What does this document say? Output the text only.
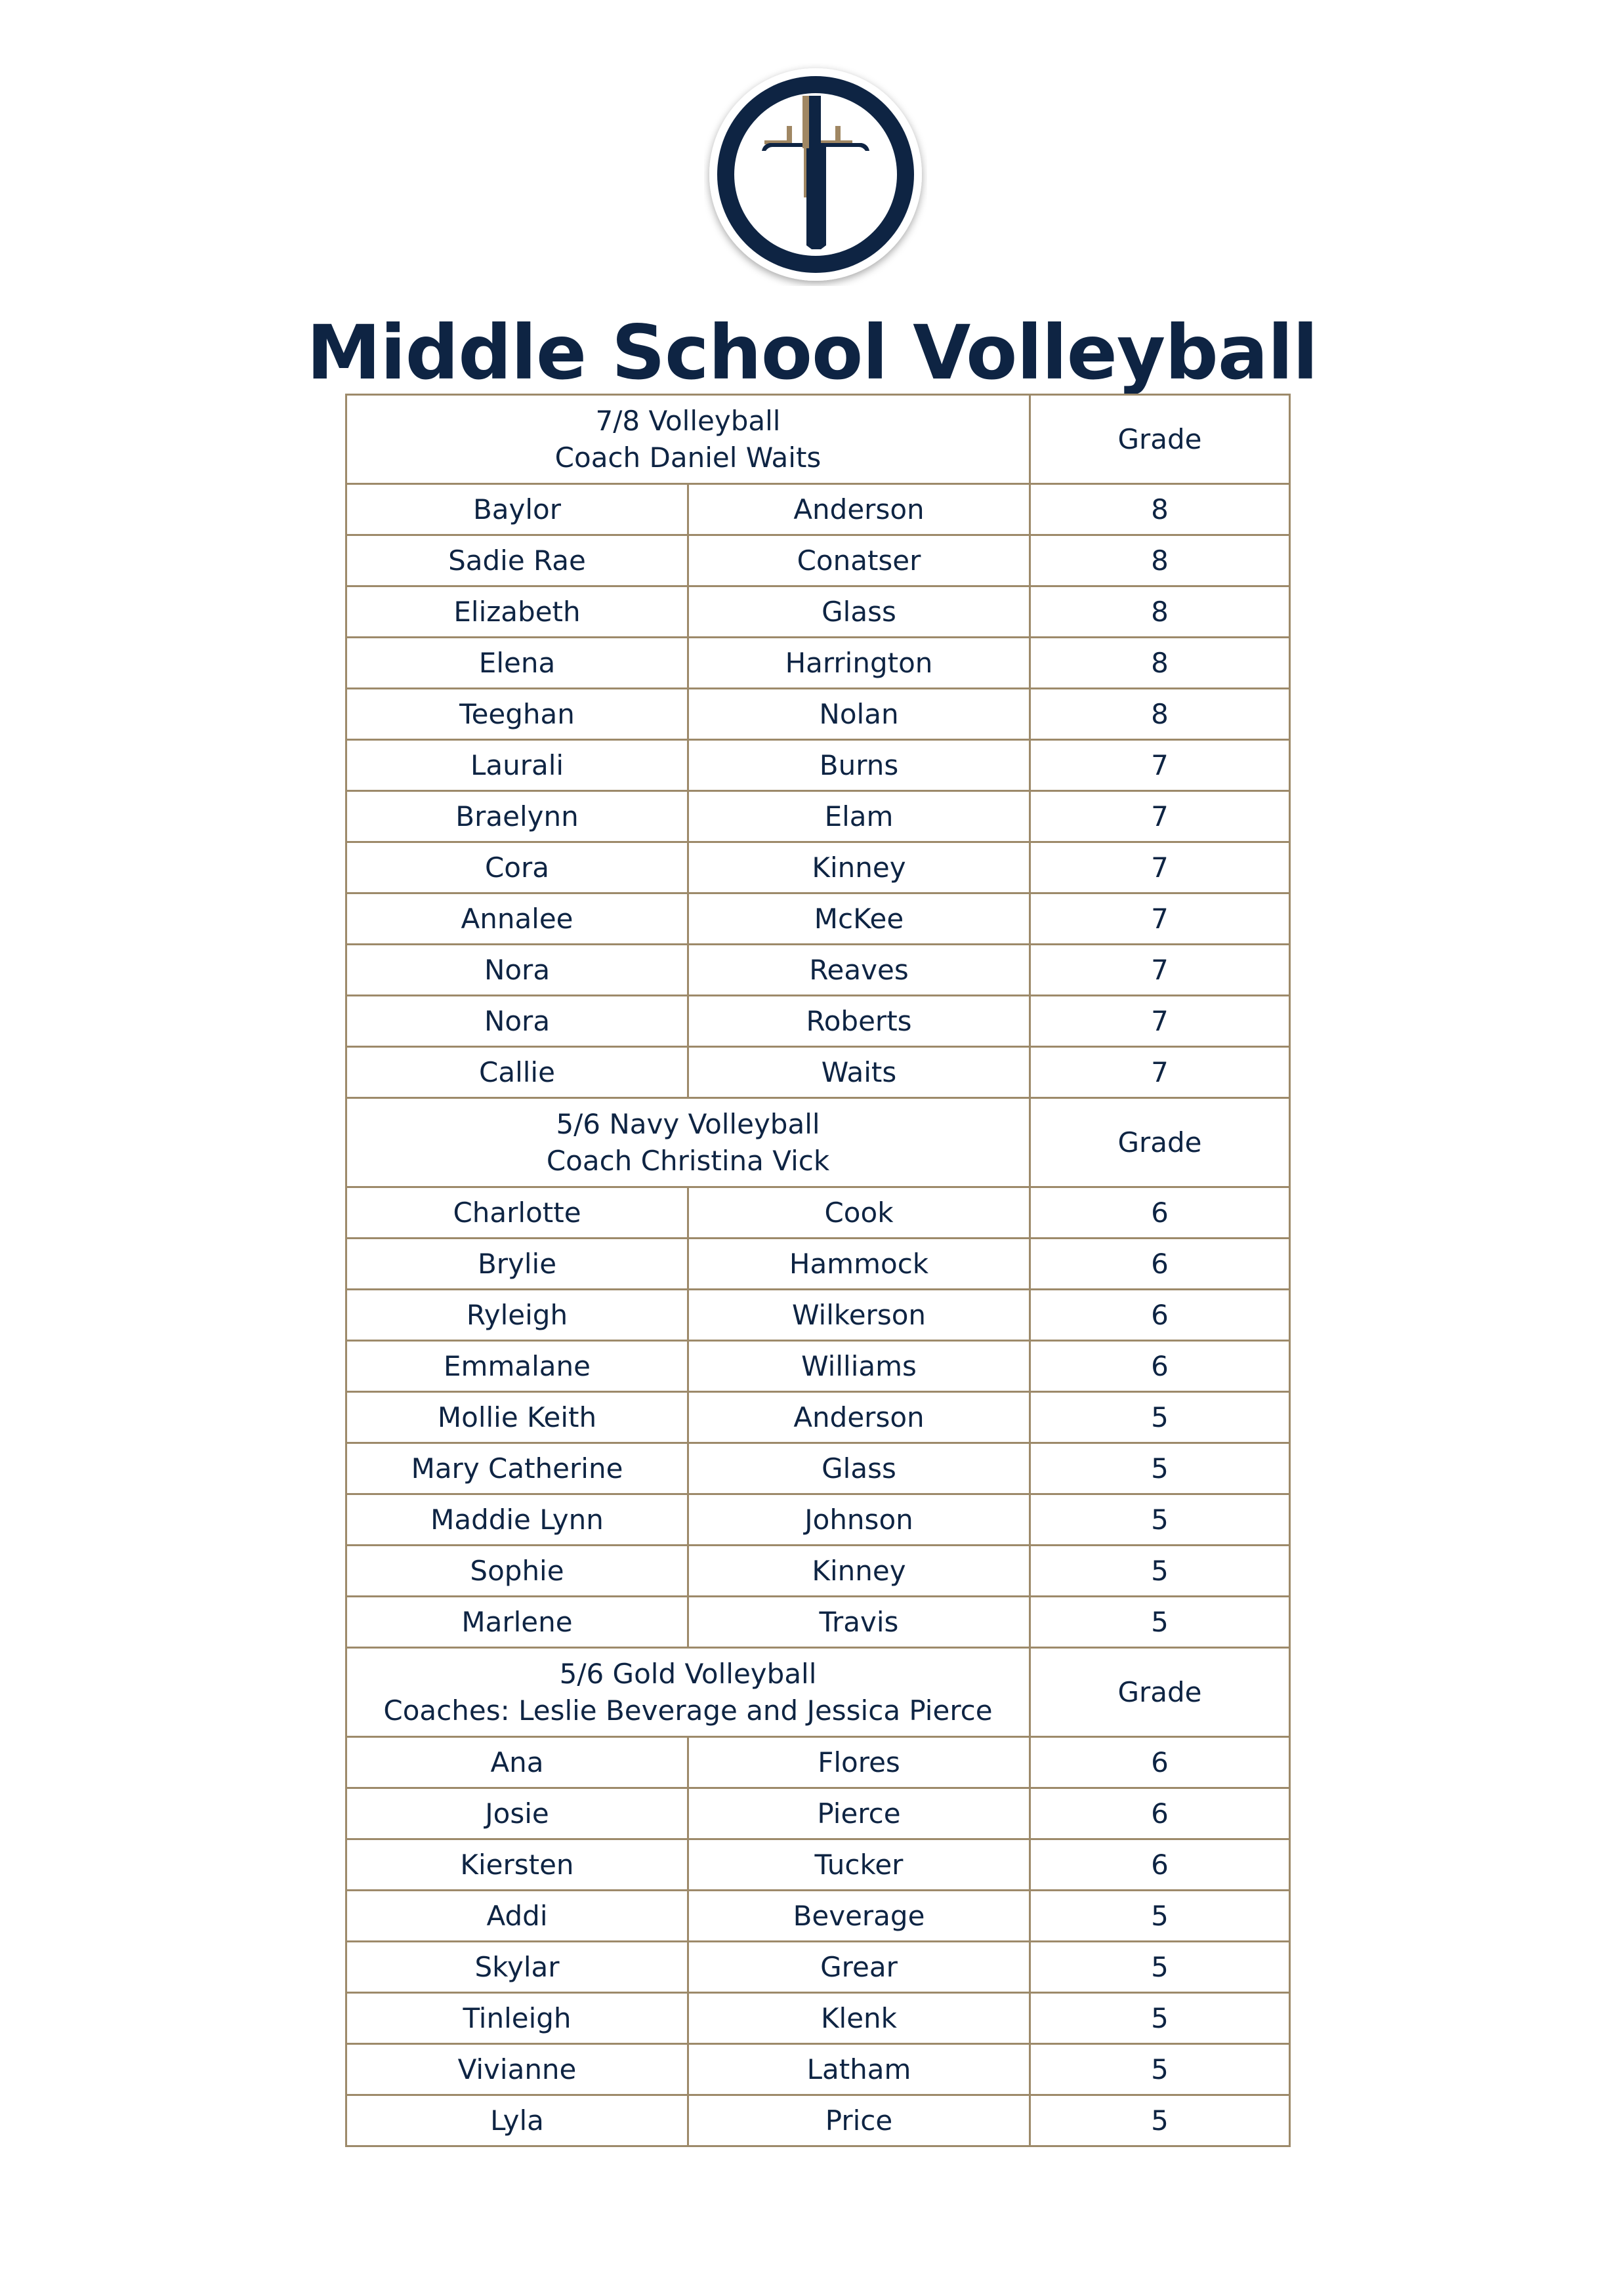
Middle School Volleyball
7/8 Volleyball
Coach Daniel Waits		Grade
Baylor	Anderson	8
Sadie Rae	Conatser	8
Elizabeth	Glass	8
Elena	Harrington	8
Teeghan	Nolan	8
Laurali	Burns	7
Braelynn	Elam	7
Cora	Kinney	7
Annalee	McKee	7
Nora	Reaves	7
Nora	Roberts	7
Callie	Waits	7

5/6 Navy Volleyball
Coach Christina Vick		Grade
Charlotte	Cook	6
Brylie	Hammock	6
Ryleigh	Wilkerson	6
Emmalane	Williams	6
Mollie Keith	Anderson	5
Mary Catherine	Glass	5
Maddie Lynn	Johnson	5
Sophie	Kinney	5
Marlene	Travis	5

5/6 Gold Volleyball
Coaches: Leslie Beverage and Jessica Pierce		Grade
Ana	Flores	6
Josie	Pierce	6
Kiersten	Tucker	6
Addi	Beverage	5
Skylar	Grear	5
Tinleigh	Klenk	5
Vivianne	Latham	5
Lyla	Price	5
